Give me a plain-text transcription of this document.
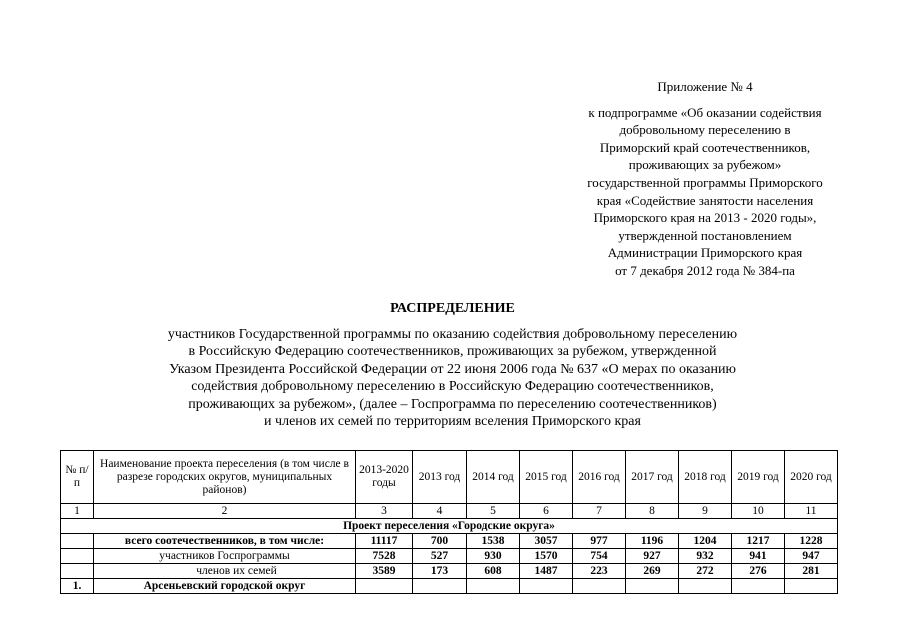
Приложение № 4
к подпрограмме «Об оказании содействия
добровольному переселению в
Приморский край соотечественников,
проживающих за рубежом»
государственной программы Приморского
края «Содействие занятости населения
Приморского края на 2013 - 2020 годы»,
утвержденной постановлением
Администрации Приморского края
от 7 декабря 2012 года № 384-па
РАСПРЕДЕЛЕНИЕ
участников Государственной программы по оказанию содействия добровольному переселению
в Российскую Федерацию соотечественников, проживающих за рубежом, утвержденной
Указом Президента Российской Федерации от 22 июня 2006 года № 637 «О мерах по оказанию
содействия добровольному переселению в Российскую Федерацию соотечественников,
проживающих за рубежом», (далее – Госпрограмма по переселению соотечественников)
и членов их семей по территориям вселения Приморского края
№ п/п	Наименование проекта переселения (в том числе в разрезе городских округов, муниципальных районов)	2013-2020 годы	2013 год	2014 год	2015 год	2016 год	2017 год	2018 год	2019 год	2020 год
1	2	3	4	5	6	7	8	9	10	11
Проект переселения «Городские округа»										
	всего соотечественников, в том числе:	11117	700	1538	3057	977	1196	1204	1217	1228
	участников Госпрограммы	7528	527	930	1570	754	927	932	941	947
	членов их семей	3589	173	608	1487	223	269	272	276	281
1.	Арсеньевский городской округ									
